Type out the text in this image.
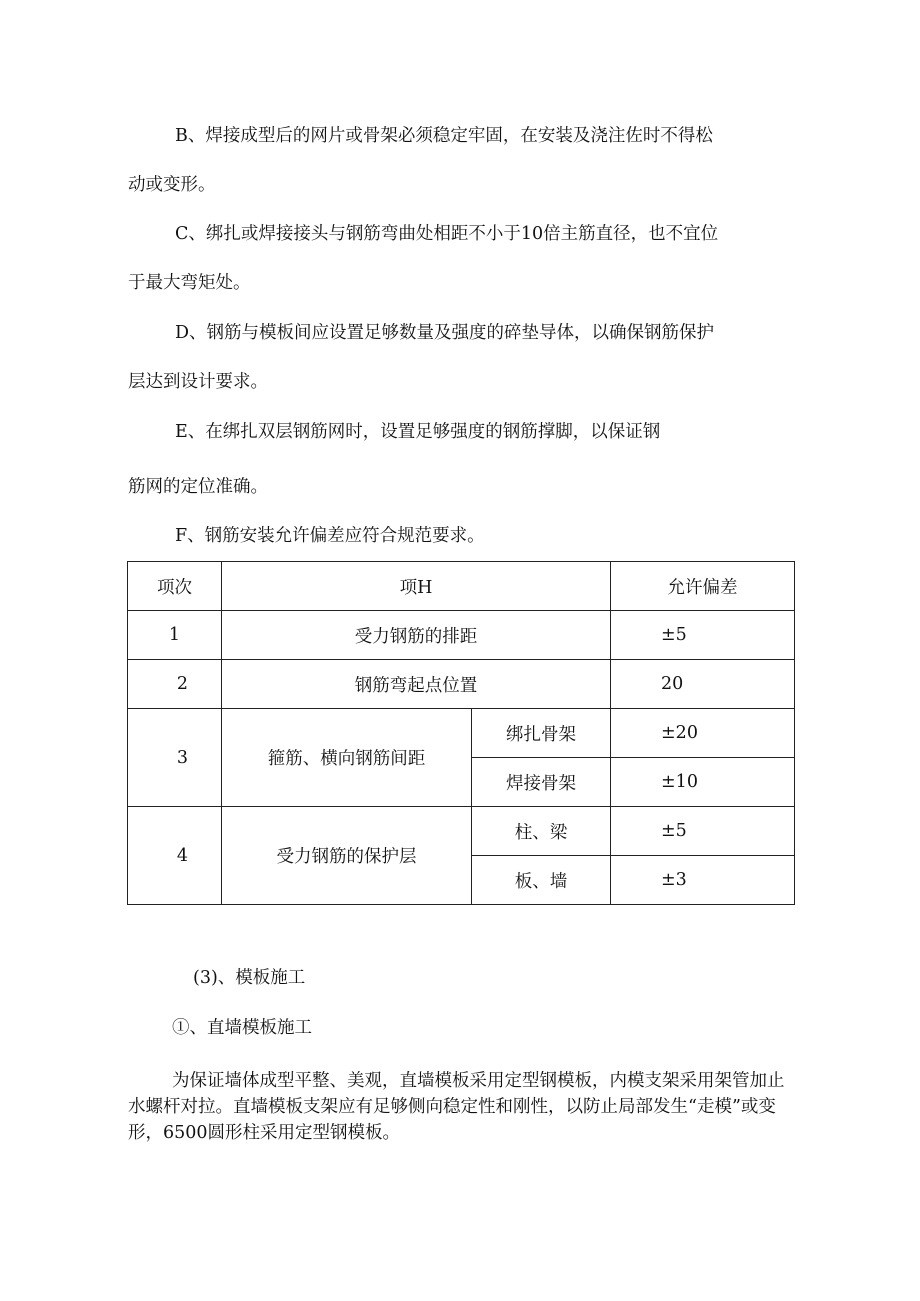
B、焊接成型后的网片或骨架必须稳定牢固，在安装及浇注佐时不得松

动或变形。

C、绑扎或焊接接头与钢筋弯曲处相距不小于10倍主筋直径，也不宜位

于最大弯矩处。

D、钢筋与模板间应设置足够数量及强度的碎垫导体，以确保钢筋保护

层达到设计要求。

E、在绑扎双层钢筋网时，设置足够强度的钢筋撑脚，以保证钢

筋网的定位准确。

F、钢筋安装允许偏差应符合规范要求。

项次	项H		允许偏差
1	受力钢筋的排距		±5
2	钢筋弯起点位置		20
3	箍筋、横向钢筋间距	绑扎骨架	±20
		焊接骨架	±10
4	受力钢筋的保护层	柱、梁	±5
		板、墙	±3

(3)、模板施工

①、直墙模板施工

为保证墙体成型平整、美观，直墙模板采用定型钢模板，内模支架采用架管加止水螺杆对拉。直墙模板支架应有足够侧向稳定性和刚性，以防止局部发生“走模”或变形，6500圆形柱采用定型钢模板。
